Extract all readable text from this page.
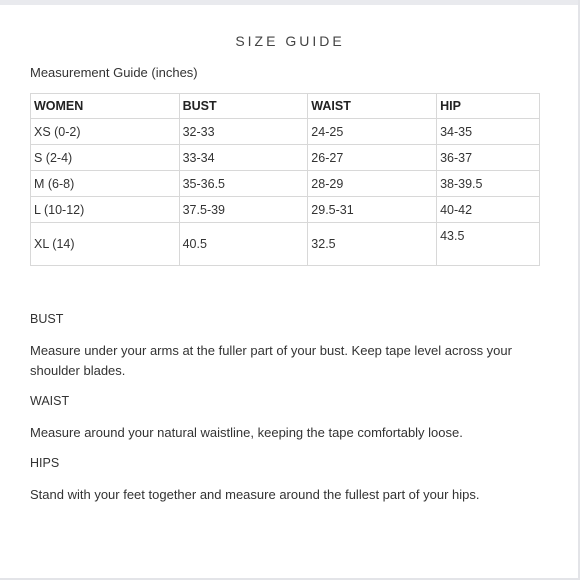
SIZE GUIDE
Measurement Guide (inches)
WOMEN	BUST	WAIST	HIP
XS (0-2)	32-33	24-25	34-35
S (2-4)	33-34	26-27	36-37
M (6-8)	35-36.5	28-29	38-39.5
L (10-12)	37.5-39	29.5-31	40-42
XL (14)	40.5	32.5	43.5
BUST
Measure under your arms at the fuller part of your bust. Keep tape level across your shoulder blades.
WAIST
Measure around your natural waistline, keeping the tape comfortably loose.
HIPS
Stand with your feet together and measure around the fullest part of your hips.
